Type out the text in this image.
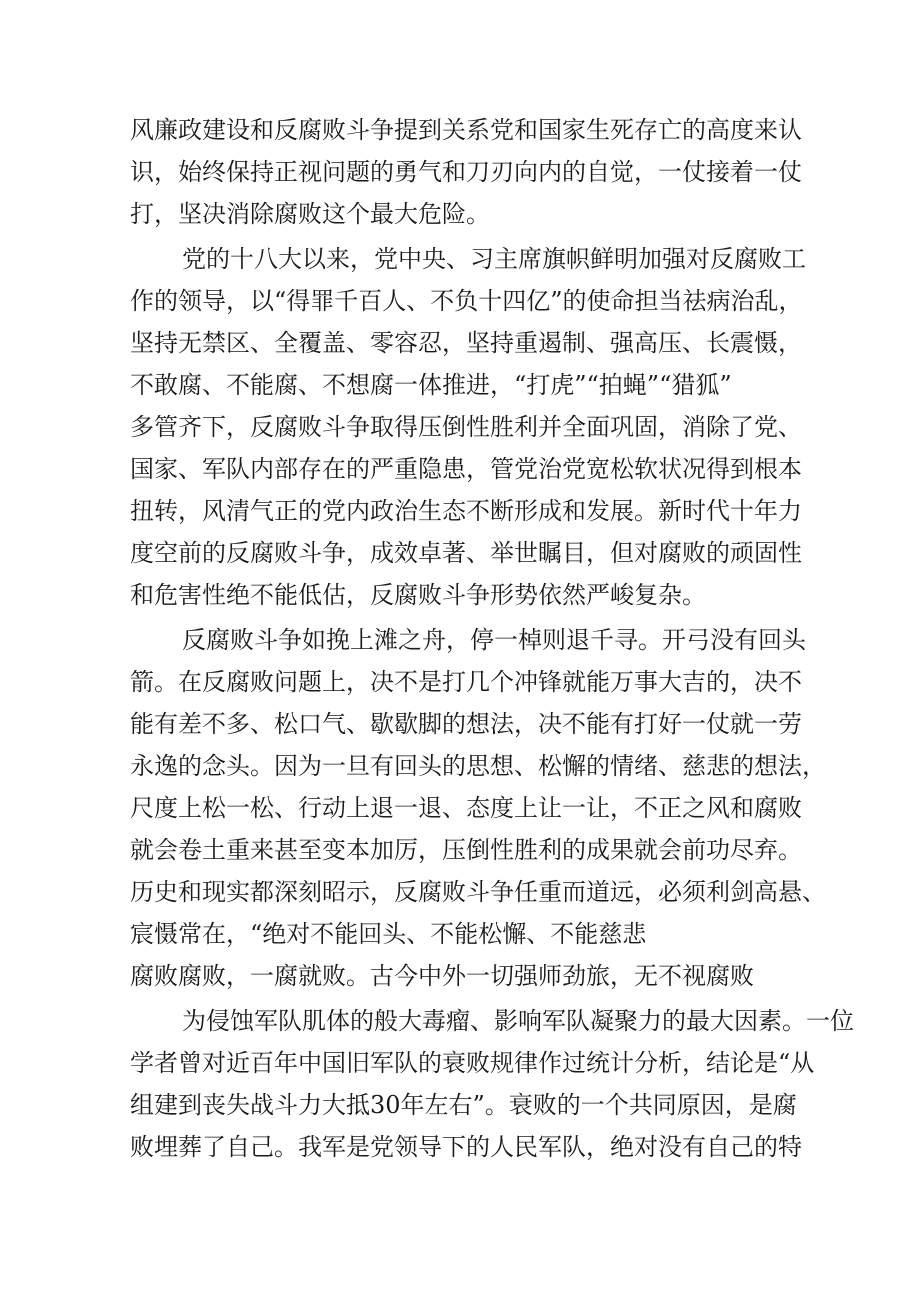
风廉政建设和反腐败斗争提到关系党和国家生死存亡的高度来认
识，始终保持正视问题的勇气和刀刃向内的自觉，一仗接着一仗
打，坚决消除腐败这个最大危险。
党的十八大以来，党中央、习主席旗帜鲜明加强对反腐败工
作的领导，以“得罪千百人、不负十四亿”的使命担当祛病治乱，
坚持无禁区、全覆盖、零容忍，坚持重遏制、强高压、长震慑，
不敢腐、不能腐、不想腐一体推进，“打虎”“拍蝇”“猎狐”
多管齐下，反腐败斗争取得压倒性胜利并全面巩固，消除了党、
国家、军队内部存在的严重隐患，管党治党宽松软状况得到根本
扭转，风清气正的党内政治生态不断形成和发展。新时代十年力
度空前的反腐败斗争，成效卓著、举世瞩目，但对腐败的顽固性
和危害性绝不能低估，反腐败斗争形势依然严峻复杂。
反腐败斗争如挽上滩之舟，停一棹则退千寻。开弓没有回头
箭。在反腐败问题上，决不是打几个冲锋就能万事大吉的，决不
能有差不多、松口气、歇歇脚的想法，决不能有打好一仗就一劳
永逸的念头。因为一旦有回头的思想、松懈的情绪、慈悲的想法，
尺度上松一松、行动上退一退、态度上让一让，不正之风和腐败
就会卷土重来甚至变本加厉，压倒性胜利的成果就会前功尽弃。
历史和现实都深刻昭示，反腐败斗争任重而道远，必须利剑高悬、
宸慑常在，“绝对不能回头、不能松懈、不能慈悲
腐败腐败，一腐就败。古今中外一切强师劲旅，无不视腐败
为侵蚀军队肌体的般大毒瘤、影响军队凝聚力的最大因素。一位
学者曾对近百年中国旧军队的衰败规律作过统计分析，结论是“从
组建到丧失战斗力大抵30年左右”。衰败的一个共同原因，是腐
败埋葬了自己。我军是党领导下的人民军队，绝对没有自己的特
